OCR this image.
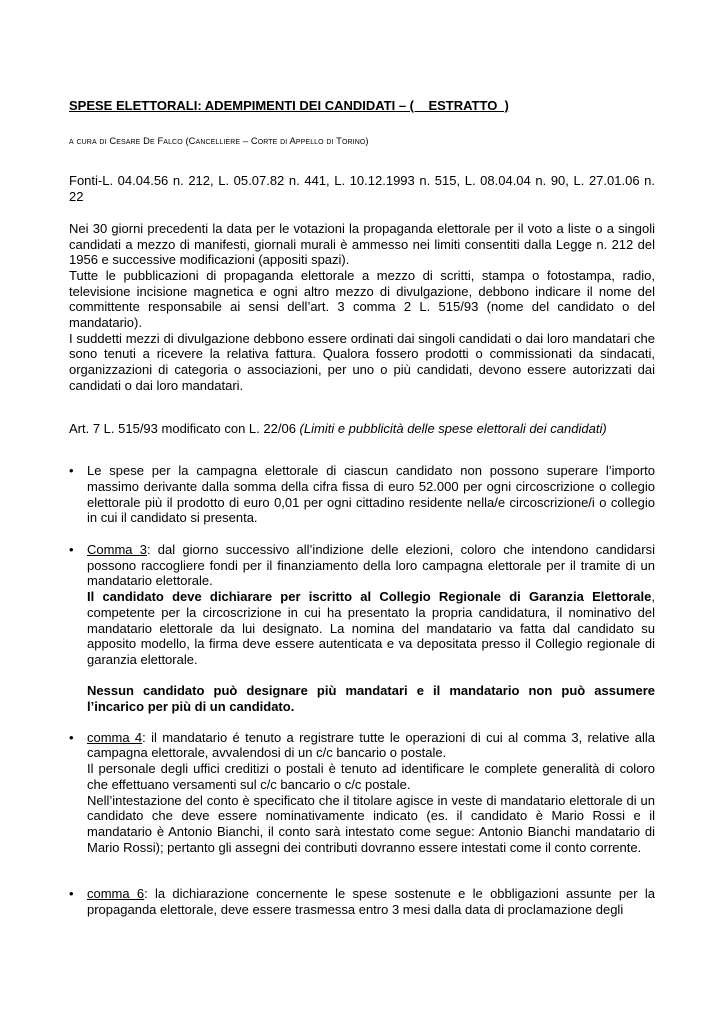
SPESE ELETTORALI: ADEMPIMENTI DEI CANDIDATI – (    ESTRATTO  )
a cura di Cesare De Falco (Cancelliere – Corte di Appello di Torino)
Fonti-L. 04.04.56 n. 212, L. 05.07.82 n. 441, L. 10.12.1993 n. 515, L. 08.04.04 n. 90, L. 27.01.06 n. 22

Nei 30 giorni precedenti la data per le votazioni la propaganda elettorale per il voto a liste o a singoli candidati a mezzo di manifesti, giornali murali è ammesso nei limiti consentiti dalla Legge n. 212 del 1956 e successive modificazioni (appositi spazi).

Tutte le pubblicazioni di propaganda elettorale a mezzo di scritti, stampa o fotostampa, radio, televisione incisione magnetica e ogni altro mezzo di divulgazione, debbono indicare il nome del committente responsabile ai sensi dell’art. 3 comma 2 L. 515/93 (nome del candidato o del mandatario).

I suddetti mezzi di divulgazione debbono essere ordinati dai singoli candidati o dai loro mandatari che sono tenuti a ricevere la relativa fattura. Qualora fossero prodotti o commissionati da sindacati, organizzazioni di categoria o associazioni, per uno o più candidati, devono essere autorizzati dai candidati o dai loro mandatari.

Art. 7 L. 515/93 modificato con L. 22/06 (Limiti e pubblicità delle spese elettorali dei candidati)
• Le spese per la campagna elettorale di ciascun candidato non possono superare l’importo massimo derivante dalla somma della cifra fissa di euro 52.000 per ogni circoscrizione o collegio elettorale più il prodotto di euro 0,01 per ogni cittadino residente nella/e circoscrizione/i o collegio in cui il candidato si presenta.

• Comma 3: dal giorno successivo all’indizione delle elezioni, coloro che intendono candidarsi possono raccogliere fondi per il finanziamento della loro campagna elettorale per il tramite di un mandatario elettorale.

Il candidato deve dichiarare per iscritto al Collegio Regionale di Garanzia Elettorale, competente per la circoscrizione in cui ha presentato la propria candidatura, il nominativo del mandatario elettorale da lui designato. La nomina del mandatario va fatta dal candidato su apposito modello, la firma deve essere autenticata e va depositata presso il Collegio regionale di garanzia elettorale.

Nessun candidato può designare più mandatari e il mandatario non può assumere l’incarico per più di un candidato.

• comma 4: il mandatario é tenuto a registrare tutte le operazioni di cui al comma 3, relative alla campagna elettorale, avvalendosi di un c/c bancario o postale.

Il personale degli uffici creditizi o postali è tenuto ad identificare le complete generalità di coloro che effettuano versamenti sul c/c bancario o c/c postale.

Nell’intestazione del conto è specificato che il titolare agisce in veste di mandatario elettorale di un candidato che deve essere nominativamente indicato (es. il candidato è Mario Rossi e il mandatario è Antonio Bianchi, il conto sarà intestato come segue: Antonio Bianchi mandatario di Mario Rossi); pertanto gli assegni dei contributi dovranno essere intestati come il conto corrente.

• comma 6: la dichiarazione concernente le spese sostenute e le obbligazioni assunte per la propaganda elettorale, deve essere trasmessa entro 3 mesi dalla data di proclamazione degli
